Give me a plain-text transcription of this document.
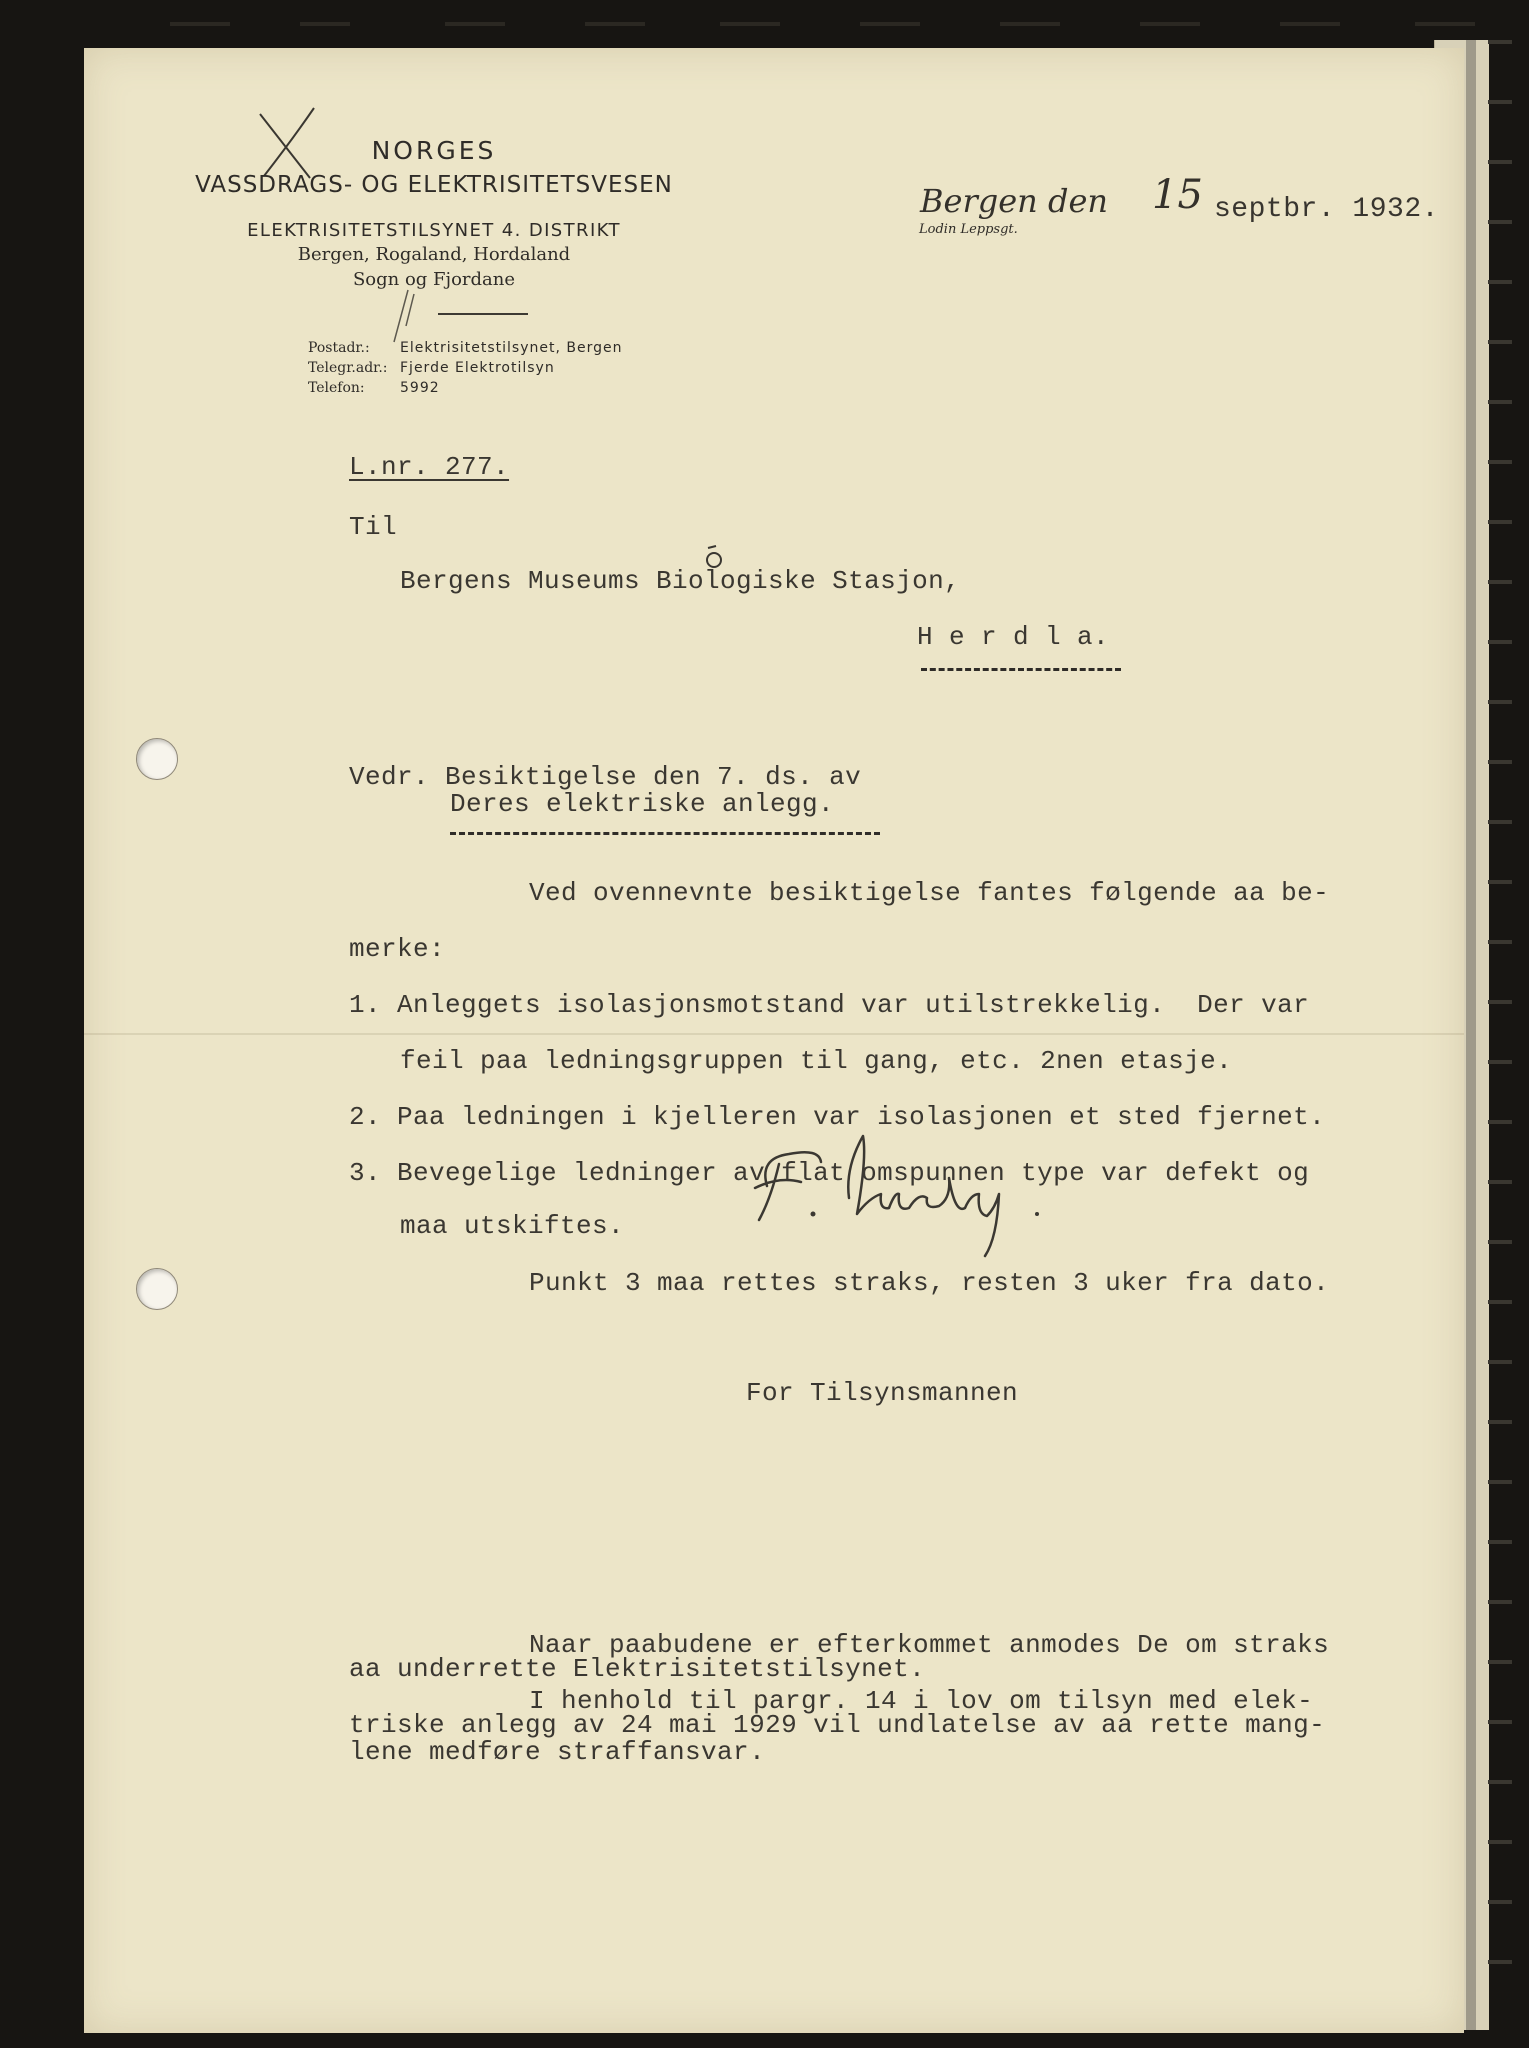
NORGES
VASSDRAGS- OG ELEKTRISITETSVESEN
ELEKTRISITETSTILSYNET 4. DISTRIKT
Bergen, Rogaland, Hordaland
Sogn og Fjordane
Postadr.: Elektrisitetstilsynet, Bergen
Telegr.adr.: Fjerde Elektrotilsyn
Telefon:	5992
Bergen den 15 septbr. 1932.
Lodin Leppsgt.
L.nr. 277.
Til
Bergens Museums Biologiske Stasjon,
H e r d l a.
Vedr. Besiktigelse den 7. ds. av
Deres elektriske anlegg.
Ved ovennevnte besiktigelse fantes følgende aa be-
merke:
1. Anleggets isolasjonsmotstand var utilstrekkelig.  Der var
feil paa ledningsgruppen til gang, etc. 2nen etasje.
2. Paa ledningen i kjelleren var isolasjonen et sted fjernet.
3. Bevegelige ledninger av flat omspunnen type var defekt og
maa utskiftes.
Punkt 3 maa rettes straks, resten 3 uker fra dato.
For Tilsynsmannen
Naar paabudene er efterkommet anmodes De om straks
aa underrette Elektrisitetstilsynet.
I henhold til pargr. 14 i lov om tilsyn med elek-
triske anlegg av 24 mai 1929 vil undlatelse av aa rette mang-
lene medføre straffansvar.
